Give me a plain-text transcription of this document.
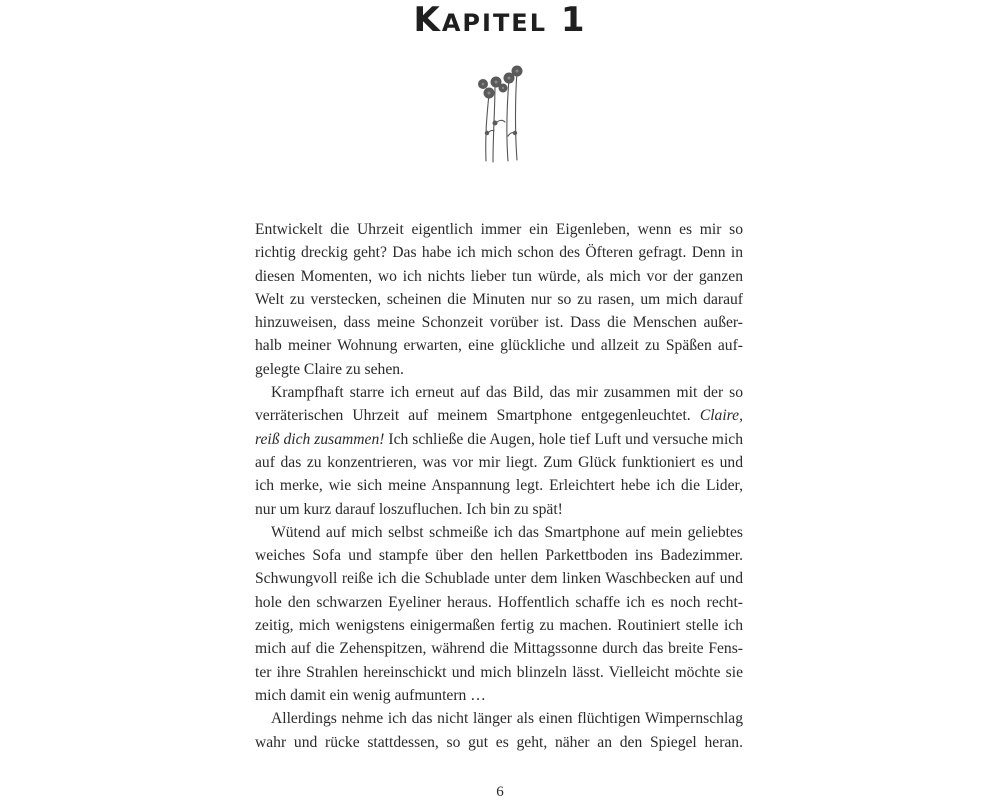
Kapitel 1
Entwickelt die Uhrzeit eigentlich immer ein Eigenleben, wenn es mir so
richtig dreckig geht? Das habe ich mich schon des Öfteren gefragt. Denn in
diesen Momenten, wo ich nichts lieber tun würde, als mich vor der ganzen
Welt zu verstecken, scheinen die Minuten nur so zu rasen, um mich darauf
hinzuweisen, dass meine Schonzeit vorüber ist. Dass die Menschen außer-
halb meiner Wohnung erwarten, eine glückliche und allzeit zu Späßen auf-
gelegte Claire zu sehen.
Krampfhaft starre ich erneut auf das Bild, das mir zusammen mit der so
verräterischen Uhrzeit auf meinem Smartphone entgegenleuchtet. Claire,
reiß dich zusammen! Ich schließe die Augen, hole tief Luft und versuche mich
auf das zu konzentrieren, was vor mir liegt. Zum Glück funktioniert es und
ich merke, wie sich meine Anspannung legt. Erleichtert hebe ich die Lider,
nur um kurz darauf loszufluchen. Ich bin zu spät!
Wütend auf mich selbst schmeiße ich das Smartphone auf mein geliebtes
weiches Sofa und stampfe über den hellen Parkettboden ins Badezimmer.
Schwungvoll reiße ich die Schublade unter dem linken Waschbecken auf und
hole den schwarzen Eyeliner heraus. Hoffentlich schaffe ich es noch recht-
zeitig, mich wenigstens einigermaßen fertig zu machen. Routiniert stelle ich
mich auf die Zehenspitzen, während die Mittagssonne durch das breite Fens-
ter ihre Strahlen hereinschickt und mich blinzeln lässt. Vielleicht möchte sie
mich damit ein wenig aufmuntern …
Allerdings nehme ich das nicht länger als einen flüchtigen Wimpernschlag
wahr und rücke stattdessen, so gut es geht, näher an den Spiegel heran.
6
